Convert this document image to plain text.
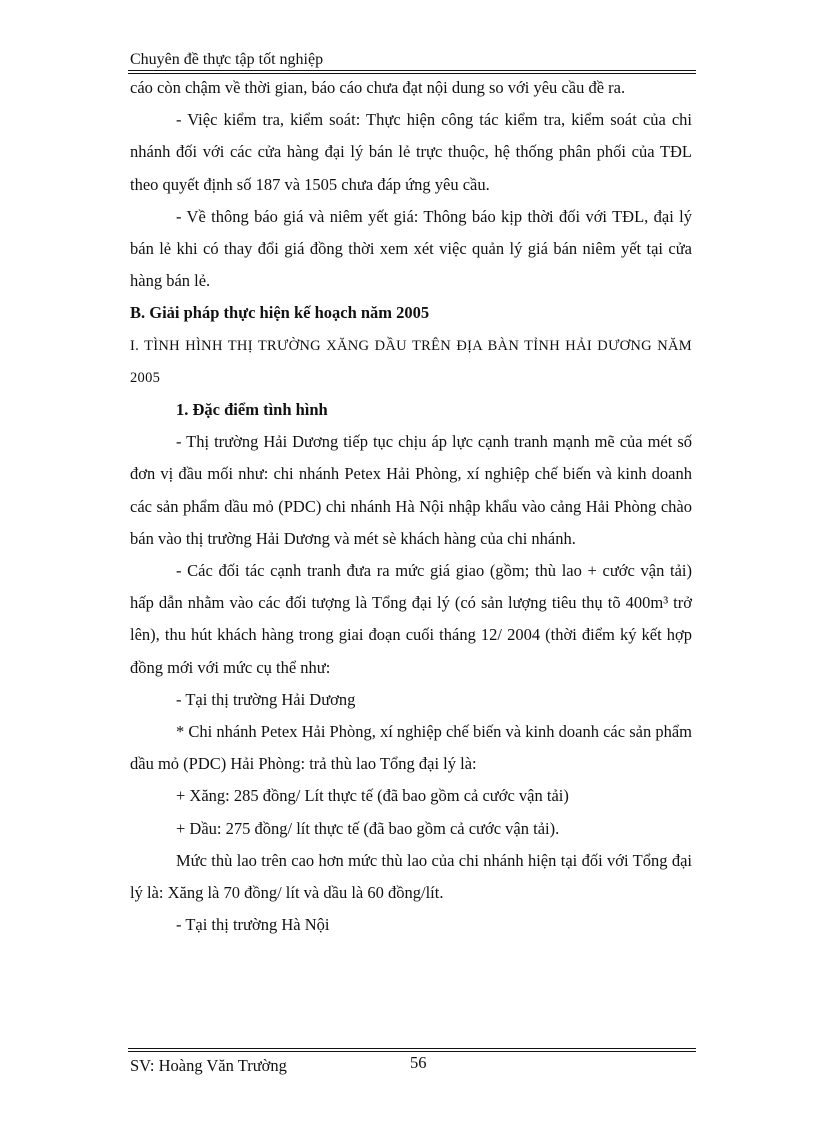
Chuyên đề thực tập tốt nghiệp

cáo còn chậm về thời gian, báo cáo chưa đạt nội dung so với yêu cầu đề ra.

- Việc kiểm tra, kiểm soát: Thực hiện công tác kiểm tra, kiểm soát của chi nhánh đối với các cửa hàng đại lý bán lẻ trực thuộc, hệ thống phân phối của TĐL theo quyết định số 187 và 1505 chưa đáp ứng yêu cầu.

- Về thông báo giá và niêm yết giá: Thông báo kịp thời đối với TĐL, đại lý bán lẻ khi có thay đổi giá đồng thời xem xét việc quản lý giá bán niêm yết tại cửa hàng bán lẻ.

B. Giải pháp thực hiện kế hoạch năm 2005

I. TÌNH HÌNH THỊ TRƯỜNG XĂNG DẦU TRÊN ĐỊA BÀN TỈNH HẢI DƯƠNG NĂM 2005

1. Đặc điểm tình hình

- Thị trường Hải Dương tiếp tục chịu áp lực cạnh tranh mạnh mẽ của mét số đơn vị đầu mối như: chi nhánh Petex Hải Phòng, xí nghiệp chế biến và kinh doanh các sản phẩm dầu mỏ (PDC) chi nhánh Hà Nội nhập khẩu vào cảng Hải Phòng chào bán vào thị trường Hải Dương và mét sè khách hàng của chi nhánh.

- Các đối tác cạnh tranh đưa ra mức giá giao (gồm; thù lao + cước vận tải) hấp dẫn nhằm vào các đối tượng là Tổng đại lý (có sản lượng tiêu thụ tõ 400m³ trở lên), thu hút khách hàng trong giai đoạn cuối tháng 12/ 2004 (thời điểm ký kết hợp đồng mới với mức cụ thể như:

- Tại thị trường Hải Dương

* Chi nhánh Petex Hải Phòng, xí nghiệp chế biến và kinh doanh các sản phẩm dầu mỏ (PDC) Hải Phòng: trả thù lao Tổng đại lý là:

+ Xăng: 285 đồng/ Lít thực tế (đã bao gồm cả cước vận tải)

+ Dầu: 275 đồng/ lít thực tế (đã bao gồm cả cước vận tải).

Mức thù lao trên cao hơn mức thù lao của chi nhánh hiện tại đối với Tổng đại lý là: Xăng là 70 đồng/ lít và dầu là 60 đồng/lít.

- Tại thị trường Hà Nội

SV: Hoàng Văn Trường	56
